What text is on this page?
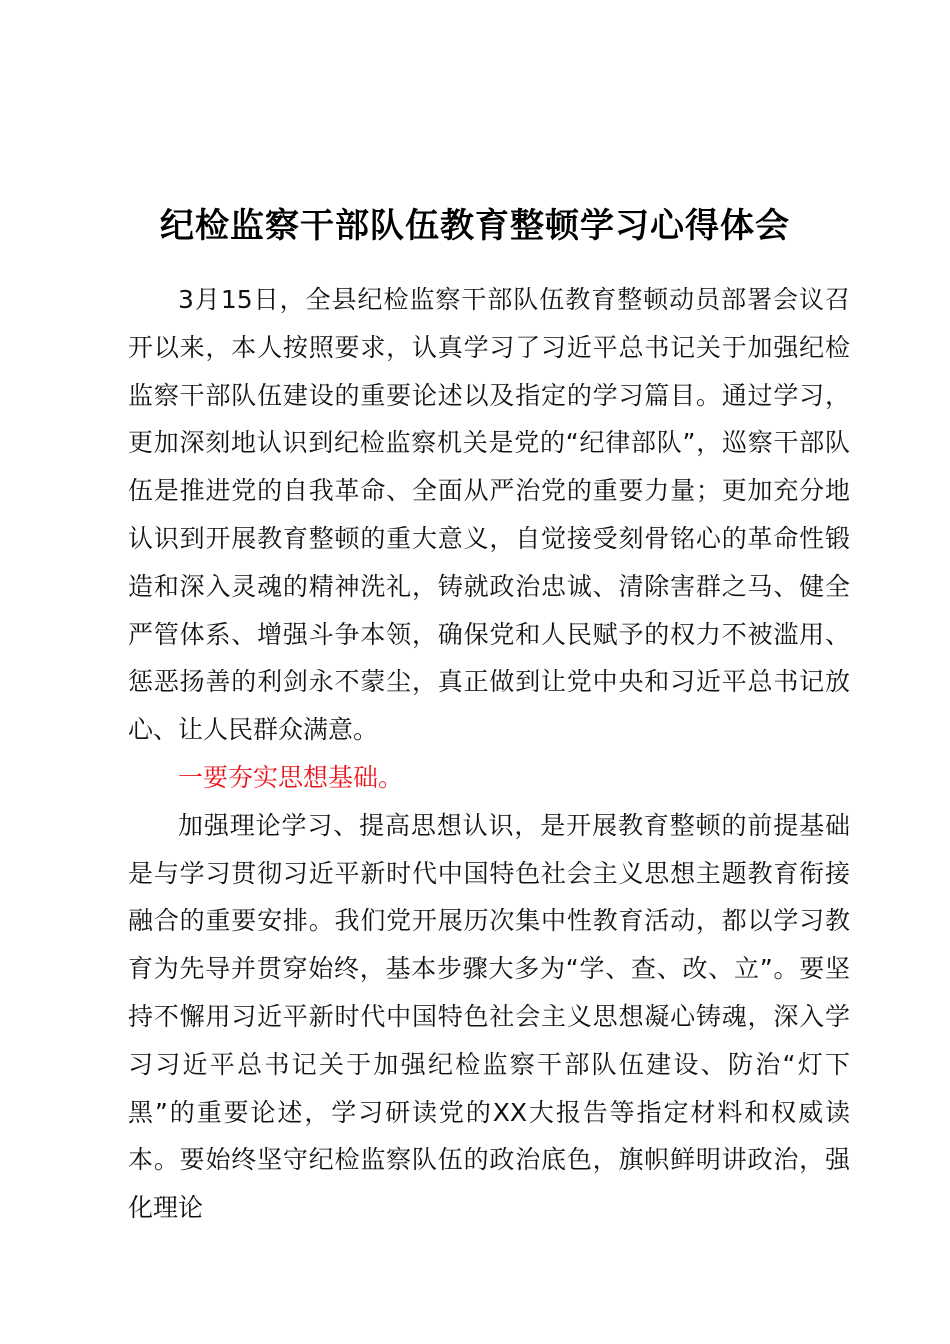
纪检监察干部队伍教育整顿学习心得体会

3月15日，全县纪检监察干部队伍教育整顿动员部署会议召开以来，本人按照要求，认真学习了习近平总书记关于加强纪检监察干部队伍建设的重要论述以及指定的学习篇目。通过学习，更加深刻地认识到纪检监察机关是党的“纪律部队”，巡察干部队伍是推进党的自我革命、全面从严治党的重要力量；更加充分地认识到开展教育整顿的重大意义，自觉接受刻骨铭心的革命性锻造和深入灵魂的精神洗礼，铸就政治忠诚、清除害群之马、健全严管体系、增强斗争本领，确保党和人民赋予的权力不被滥用、惩恶扬善的利剑永不蒙尘，真正做到让党中央和习近平总书记放心、让人民群众满意。

一要夯实思想基础。

加强理论学习、提高思想认识，是开展教育整顿的前提基础是与学习贯彻习近平新时代中国特色社会主义思想主题教育衔接融合的重要安排。我们党开展历次集中性教育活动，都以学习教育为先导并贯穿始终，基本步骤大多为“学、查、改、立”。要坚持不懈用习近平新时代中国特色社会主义思想凝心铸魂，深入学习习近平总书记关于加强纪检监察干部队伍建设、防治“灯下黑”的重要论述，学习研读党的XX大报告等指定材料和权威读本。要始终坚守纪检监察队伍的政治底色，旗帜鲜明讲政治，强化理论
